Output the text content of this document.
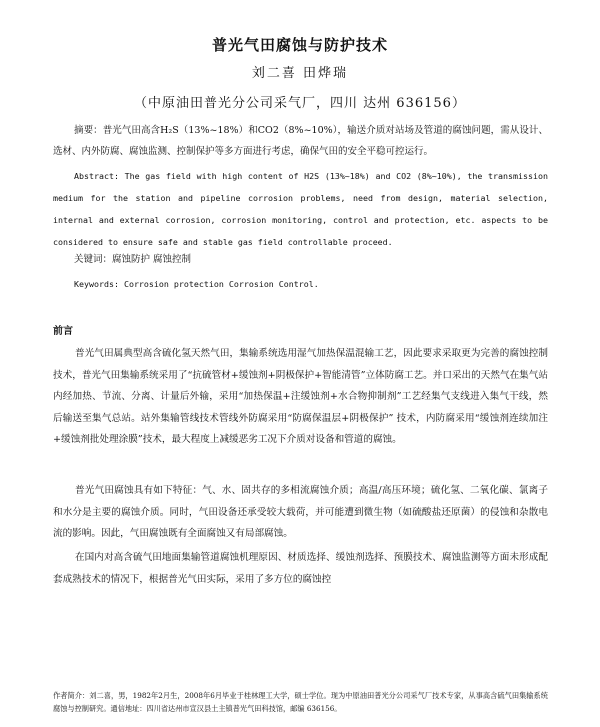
普光气田腐蚀与防护技术
刘二喜 田烨瑞
（中原油田普光分公司采气厂，四川 达州 636156）
摘要：普光气田高含H₂S（13%~18%）和CO2（8%~10%），输送介质对站场及管道的腐蚀问题，需从设计、选材、内外防腐、腐蚀监测、控制保护等多方面进行考虑，确保气田的安全平稳可控运行。
Abstract: The gas field with high content of H2S (13%~18%) and CO2 (8%~10%), the transmission medium for the station and pipeline corrosion problems, need from design, material selection, internal and external corrosion, corrosion monitoring, control and protection, etc. aspects to be considered to ensure safe and stable gas field controllable proceed.
关键词：腐蚀防护 腐蚀控制
Keywords: Corrosion protection Corrosion Control.
前言
普光气田属典型高含硫化氢天然气田，集输系统选用湿气加热保温混输工艺，因此要求采取更为完善的腐蚀控制技术，普光气田集输系统采用了“抗硫管材+缓蚀剂+阴极保护+智能清管”立体防腐工艺。并口采出的天然气在集气站内经加热、节流、分离、计量后外输，采用“加热保温+注缓蚀剂+水合物抑制剂”工艺经集气支线进入集气干线，然后输送至集气总站。站外集输管线技术管线外防腐采用“防腐保温层+阴极保护” 技术，内防腐采用“缓蚀剂连续加注+缓蚀剂批处理涂膜”技术，最大程度上减缓恶劣工况下介质对设备和管道的腐蚀。
普光气田腐蚀具有如下特征：气、水、固共存的多相流腐蚀介质；高温/高压环境；硫化氢、二氧化碳、氯离子和水分是主要的腐蚀介质。同时，气田设备还承受较大载荷，并可能遭到微生物（如硫酸盐还原菌）的侵蚀和杂散电流的影响。因此，气田腐蚀既有全面腐蚀又有局部腐蚀。
在国内对高含硫气田地面集输管道腐蚀机理原因、材质选择、缓蚀剂选择、预膜技术、腐蚀监测等方面未形成配套成熟技术的情况下，根据普光气田实际，采用了多方位的腐蚀控
作者简介：刘二喜，男，1982年2月生，2008年6月毕业于桂林理工大学，硕士学位。现为中原油田普光分公司采气厂技术专家，从事高含硫气田集输系统腐蚀与控制研究。通信地址：四川省达州市宣汉县土主镇普光气田科技馆，邮编 636156。
